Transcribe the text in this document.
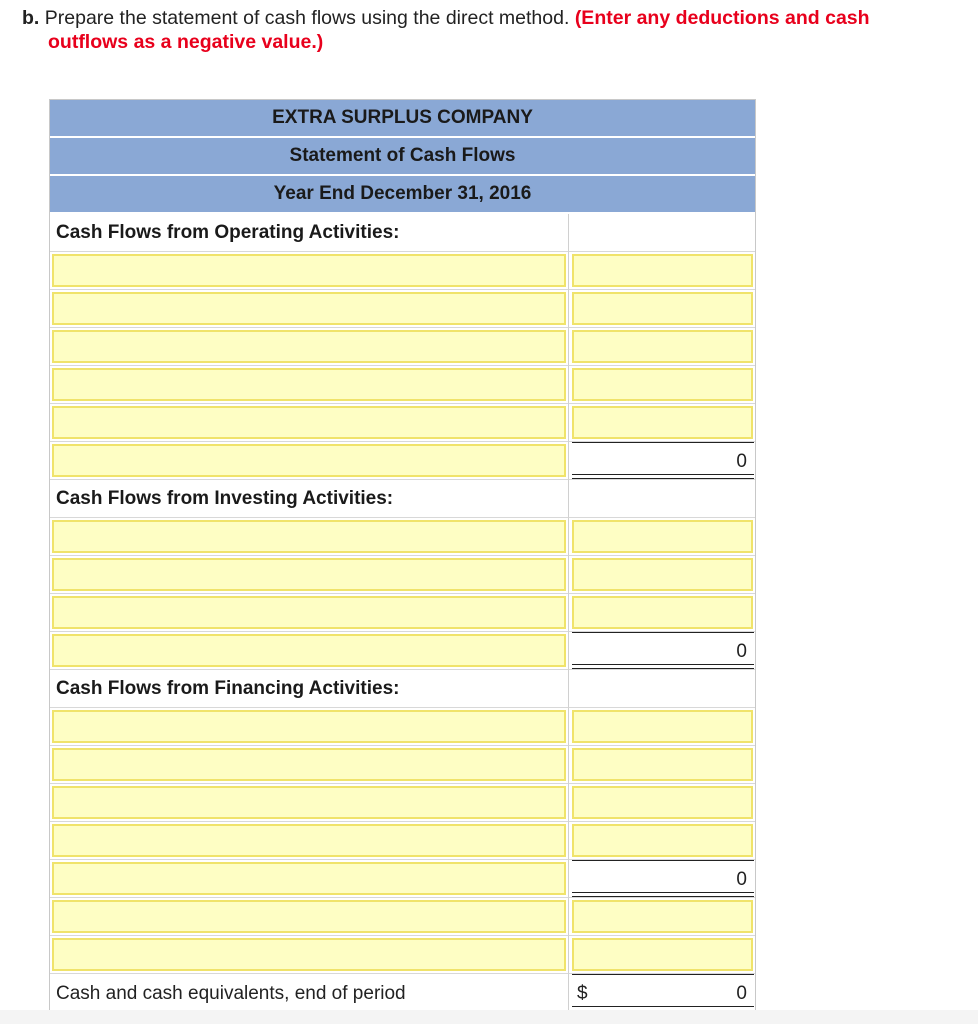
b. Prepare the statement of cash flows using the direct method. (Enter any deductions and cash
outflows as a negative value.)
EXTRA SURPLUS COMPANY
Statement of Cash Flows
Year End December 31, 2016
Cash Flows from Operating Activities:
0
Cash Flows from Investing Activities:
0
Cash Flows from Financing Activities:
0
Cash and cash equivalents, end of period	$	0
